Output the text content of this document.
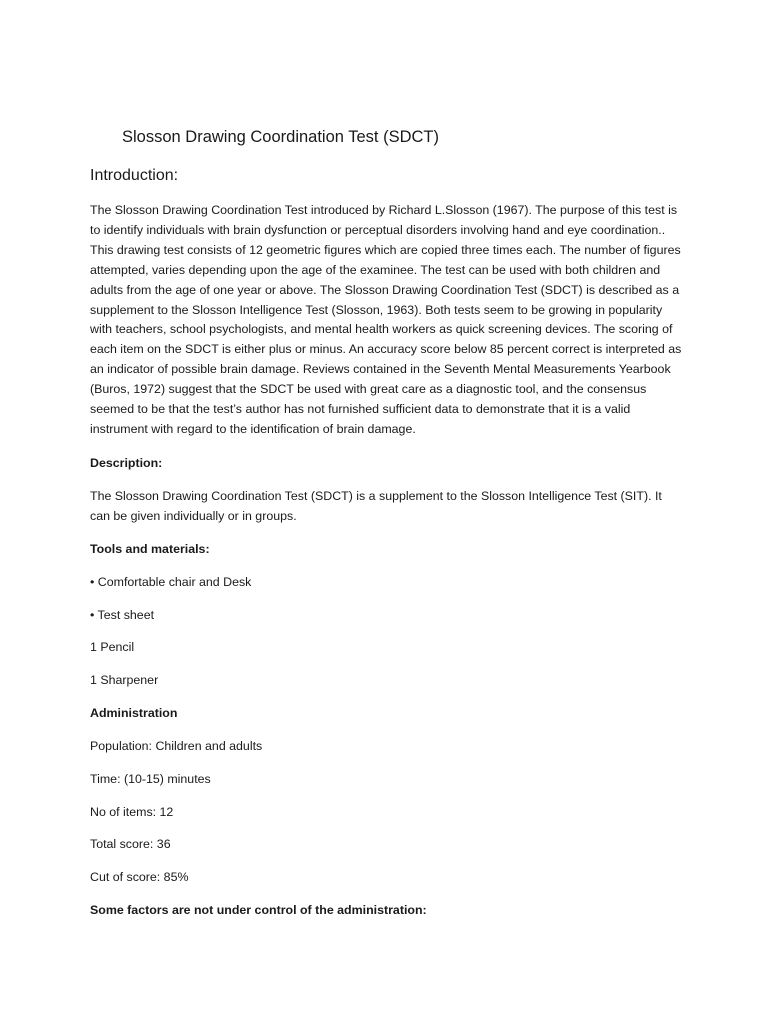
Slosson Drawing Coordination Test (SDCT)
Introduction:

The Slosson Drawing Coordination Test introduced by Richard L.Slosson (1967). The purpose of this test is to identify individuals with brain dysfunction or perceptual disorders involving hand and eye coordination.. This drawing test consists of 12 geometric figures which are copied three times each. The number of figures attempted, varies depending upon the age of the examinee. The test can be used with both children and adults from the age of one year or above. The Slosson Drawing Coordination Test (SDCT) is described as a supplement to the Slosson Intelligence Test (Slosson, 1963). Both tests seem to be growing in popularity with teachers, school psychologists, and mental health workers as quick screening devices. The scoring of each item on the SDCT is either plus or minus. An accuracy score below 85 percent correct is interpreted as an indicator of possible brain damage. Reviews contained in the Seventh Mental Measurements Yearbook (Buros, 1972) suggest that the SDCT be used with great care as a diagnostic tool, and the consensus seemed to be that the test’s author has not furnished sufficient data to demonstrate that it is a valid instrument with regard to the identification of brain damage.

Description:

The Slosson Drawing Coordination Test (SDCT) is a supplement to the Slosson Intelligence Test (SIT). It can be given individually or in groups.

Tools and materials:

• Comfortable chair and Desk

• Test sheet

1 Pencil

1 Sharpener

Administration

Population: Children and adults

Time: (10-15) minutes

No of items: 12

Total score: 36

Cut of score: 85%

Some factors are not under control of the administration:
